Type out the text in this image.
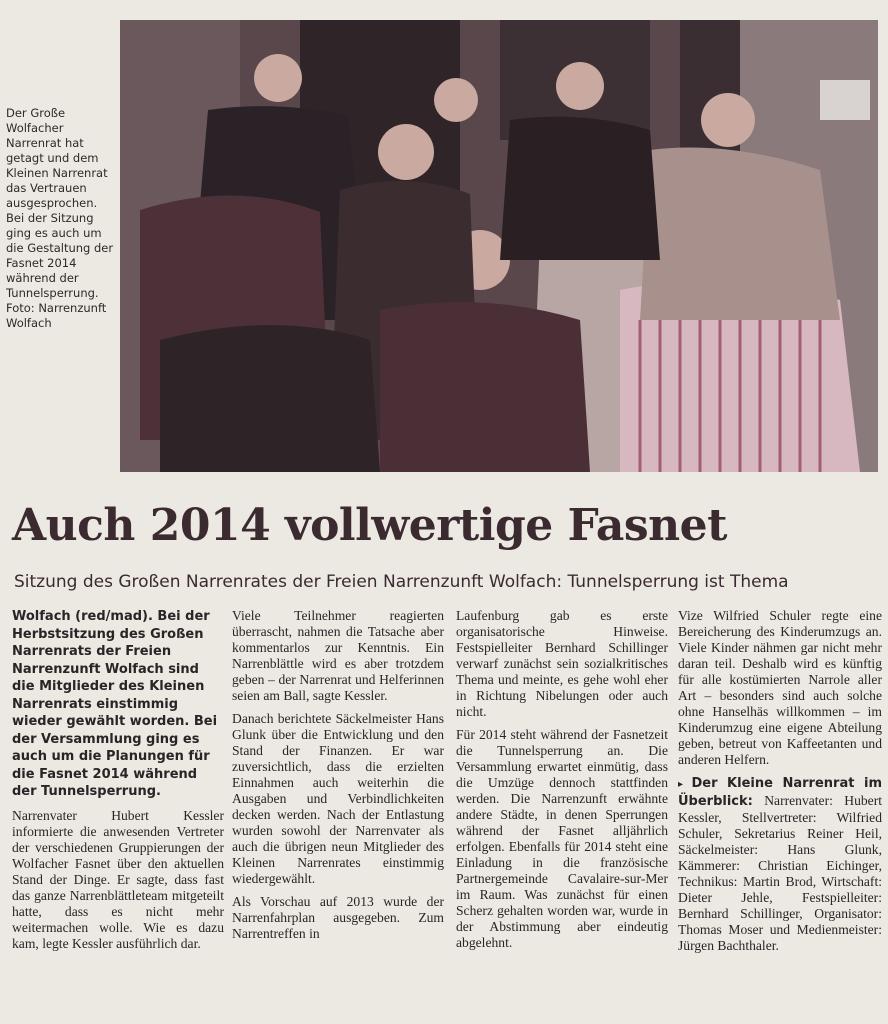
Der Große Wolfacher Narrenrat hat getagt und dem Kleinen Narrenrat das Vertrauen ausgesprochen. Bei der Sitzung ging es auch um die Gestaltung der Fasnet 2014 während der Tunnelsperrung. Foto: Narrenzunft Wolfach
Auch 2014 vollwertige Fasnet
Sitzung des Großen Narrenrates der Freien Narrenzunft Wolfach: Tunnelsperrung ist Thema

Wolfach (red/mad). Bei der Herbstsitzung des Großen Narrenrats der Freien Narrenzunft Wolfach sind die Mitglieder des Kleinen Narrenrats einstimmig wieder gewählt worden. Bei der Versammlung ging es auch um die Planungen für die Fasnet 2014 während der Tunnelsperrung.

Narrenvater Hubert Kessler informierte die anwesenden Vertreter der verschiedenen Gruppierungen der Wolfacher Fasnet über den aktuellen Stand der Dinge. Er sagte, dass fast das ganze Narrenblättleteam mitgeteilt hatte, dass es nicht mehr weitermachen wolle. Wie es dazu kam, legte Kessler ausführlich dar.

Viele Teilnehmer reagierten überrascht, nahmen die Tatsache aber kommentarlos zur Kenntnis. Ein Narrenblättle wird es aber trotzdem geben – der Narrenrat und Helferinnen seien am Ball, sagte Kessler.

Danach berichtete Säckelmeister Hans Glunk über die Entwicklung und den Stand der Finanzen. Er war zuversichtlich, dass die erzielten Einnahmen auch weiterhin die Ausgaben und Verbindlichkeiten decken werden. Nach der Entlastung wurden sowohl der Narrenvater als auch die übrigen neun Mitglieder des Kleinen Narrenrates einstimmig wiedergewählt.

Als Vorschau auf 2013 wurde der Narrenfahrplan ausgegeben. Zum Narrentreffen in

Laufenburg gab es erste organisatorische Hinweise. Festspielleiter Bernhard Schillinger verwarf zunächst sein sozialkritisches Thema und meinte, es gehe wohl eher in Richtung Nibelungen oder auch nicht.

Für 2014 steht während der Fasnetzeit die Tunnelsperrung an. Die Versammlung erwartet einmütig, dass die Umzüge dennoch stattfinden werden. Die Narrenzunft erwähnte andere Städte, in denen Sperrungen während der Fasnet alljährlich erfolgen. Ebenfalls für 2014 steht eine Einladung in die französische Partnergemeinde Cavalaire-sur-Mer im Raum. Was zunächst für einen Scherz gehalten worden war, wurde in der Abstimmung aber eindeutig abgelehnt.

Vize Wilfried Schuler regte eine Bereicherung des Kinderumzugs an. Viele Kinder nähmen gar nicht mehr daran teil. Deshalb wird es künftig für alle kostümierten Narrole aller Art – besonders sind auch solche ohne Hanselhäs willkommen – im Kinderumzug eine eigene Abteilung geben, betreut von Kaffeetanten und anderen Helfern.

▸ Der Kleine Narrenrat im Überblick: Narrenvater: Hubert Kessler, Stellvertreter: Wilfried Schuler, Sekretarius Reiner Heil, Säckelmeister: Hans Glunk, Kämmerer: Christian Eichinger, Technikus: Martin Brod, Wirtschaft: Dieter Jehle, Festspielleiter: Bernhard Schillinger, Organisator: Thomas Moser und Medienmeister: Jürgen Bachthaler.
